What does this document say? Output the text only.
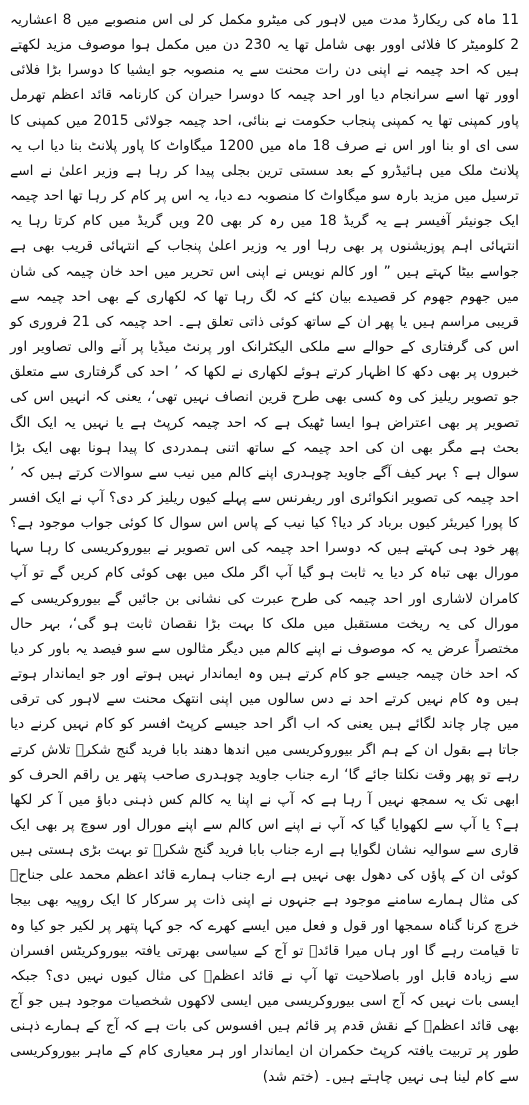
11 ماہ کی ریکارڈ مدت میں لاہور کی میٹرو مکمل کر لی اس منصوبے میں 8 اعشاریہ 2 کلومیٹر کا فلائی اوور بھی شامل تھا یہ 230 دن میں مکمل ہوا موصوف مزید لکھتے ہیں کہ احد چیمہ نے اپنی دن رات محنت سے یہ منصوبہ جو ایشیا کا دوسرا بڑا فلائی اوور تھا اسے سرانجام دیا اور احد چیمہ کا دوسرا حیران کن کارنامہ قائد اعظم تھرمل پاور کمپنی تھا یہ کمپنی پنجاب حکومت نے بنائی، احد چیمہ جولائی 2015 میں کمپنی کا سی ای او بنا اور اس نے صرف 18 ماہ میں 1200 میگاواٹ کا پاور پلانٹ بنا دیا اب یہ پلانٹ ملک میں ہائیڈرو کے بعد سستی ترین بجلی پیدا کر رہا ہے وزیر اعلیٰ نے اسے ترسیل میں مزید بارہ سو میگاواٹ کا منصوبہ دے دیا، یہ اس پر کام کر رہا تھا احد چیمہ ایک جونیئر آفیسر ہے یہ گریڈ 18 میں رہ کر بھی 20 ویں گریڈ میں کام کرتا رہا یہ انتہائی اہم پوزیشنوں پر بھی رہا اور یہ وزیر اعلیٰ پنجاب کے انتہائی قریب بھی ہے جواسے بیٹا کہتے ہیں ” اور کالم نویس نے اپنی اس تحریر میں احد خان چیمہ کی شان میں جھوم جھوم کر قصیدے بیان کئے کہ لگ رہا تھا کہ لکھاری کے بھی احد چیمہ سے قریبی مراسم ہیں یا پھر ان کے ساتھ کوئی ذاتی تعلق ہے۔ احد چیمہ کی 21 فروری کو اس کی گرفتاری کے حوالے سے ملکی الیکٹرانک اور پرنٹ میڈیا پر آنے والی تصاویر اور خبروں پر بھی دکھ کا اظہار کرتے ہوئے لکھاری نے لکھا کہ ’ احد کی گرفتاری سے متعلق جو تصویر ریلیز کی وہ کسی بھی طرح قرین انصاف نہیں تھی‘، یعنی کہ انہیں اس کی تصویر پر بھی اعتراض ہوا ایسا ٹھیک ہے کہ احد چیمہ کرپٹ ہے یا نہیں یہ ایک الگ بحث ہے مگر بھی ان کی احد چیمہ کے ساتھ اتنی ہمدردی کا پیدا ہونا بھی ایک بڑا سوال ہے ؟ بہر کیف آگے جاوید چوہدری اپنے کالم میں نیب سے سوالات کرتے ہیں کہ ’ احد چیمہ کی تصویر انکوائری اور ریفرنس سے پہلے کیوں ریلیز کر دی؟ آپ نے ایک افسر کا پورا کیریئر کیوں برباد کر دیا؟ کیا نیب کے پاس اس سوال کا کوئی جواب موجود ہے؟ پھر خود ہی کہتے ہیں کہ دوسرا احد چیمہ کی اس تصویر نے بیوروکریسی کا رہا سہا مورال بھی تباہ کر دیا یہ ثابت ہو گیا آپ اگر ملک میں بھی کوئی کام کریں گے تو آپ کامران لاشاری اور احد چیمہ کی طرح عبرت کی نشانی بن جائیں گے بیوروکریسی کے مورال کی یہ ریخت مستقبل میں ملک کا بہت بڑا نقصان ثابت ہو گی‘، بہر حال مختصراً عرض یہ کہ موصوف نے اپنے کالم میں دیگر مثالوں سے سو فیصد یہ باور کر دیا کہ احد خان چیمہ جیسے جو کام کرتے ہیں وہ ایماندار نہیں ہوتے اور جو ایماندار ہوتے ہیں وہ کام نہیں کرتے احد نے دس سالوں میں اپنی انتھک محنت سے لاہور کی ترقی میں چار چاند لگائے ہیں یعنی کہ اب اگر احد جیسے کرپٹ افسر کو کام نہیں کرنے دیا جاتا ہے بقول ان کے ہم اگر بیوروکریسی میں اندھا دھند بابا فرید گنج شکرؒ تلاش کرتے رہے تو پھر وقت نکلتا جائے گا‘ ارے جناب جاوید چوہدری صاحب پتھر یں راقم الحرف کو ابھی تک یہ سمجھ نہیں آ رہا ہے کہ آپ نے اپنا یہ کالم کس ذہنی دباؤ میں آ کر لکھا ہے؟ یا آپ سے لکھوایا گیا کہ آپ نے اپنے اس کالم سے اپنے مورال اور سوچ پر بھی ایک قاری سے سوالیہ نشان لگوایا ہے ارے جناب بابا فرید گنج شکرؒ تو بہت بڑی ہستی ہیں کوئی ان کے پاؤں کی دھول بھی نہیں ہے ارے جناب ہمارے قائد اعظم محمد علی جناحؒ کی مثال ہمارے سامنے موجود ہے جنہوں نے اپنی ذات پر سرکار کا ایک روپیہ بھی بیجا خرچ کرنا گناہ سمجھا اور قول و فعل میں ایسے کھرے کہ جو کہا پتھر پر لکیر جو کیا وہ تا قیامت رہے گا اور ہاں میرا قائدؒ تو آج کے سیاسی بھرتی یافتہ بیوروکریٹس افسران سے زیادہ قابل اور باصلاحیت تھا آپ نے قائد اعظمؒ کی مثال کیوں نہیں دی؟ جبکہ ایسی بات نہیں کہ آج اسی بیوروکریسی میں ایسی لاکھوں شخصیات موجود ہیں جو آج بھی قائد اعظمؒ کے نقش قدم پر قائم ہیں افسوس کی بات ہے کہ آج کے ہمارے ذہنی طور پر تربیت یافتہ کرپٹ حکمران ان ایماندار اور ہر معیاری کام کے ماہر بیوروکریسی سے کام لینا ہی نہیں چاہتے ہیں۔ (ختم شد)
